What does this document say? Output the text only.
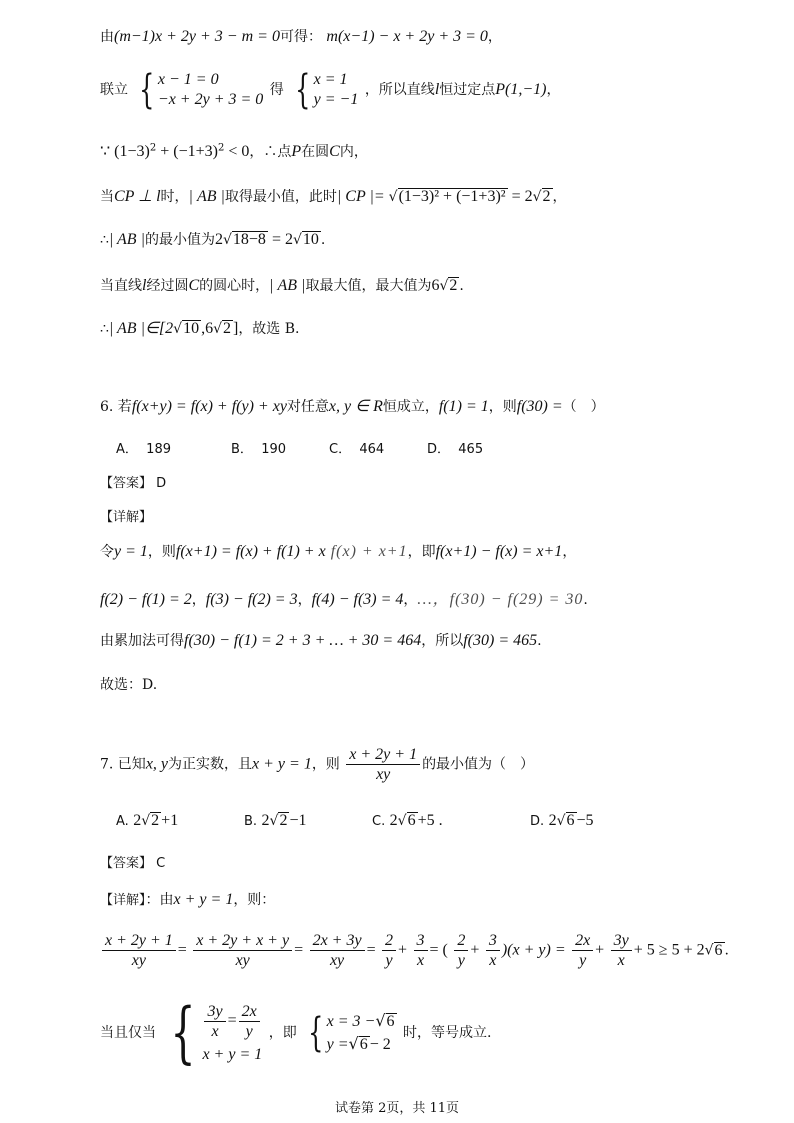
由(m−1)x + 2y + 3 − m = 0可得： m(x−1) − x + 2y + 3 = 0，
联立 { x − 1 = 0
−x + 2y + 3 = 0
得 { x = 1
y = −1
，所以直线l恒过定点P(1,−1)，
∵ $(1-3)^2 + (-1+3)^2 < 0$，∴点P在圆C内，
当CP ⊥ l时，| AB |取得最小值，此时| CP |= √(1−3)² + (−1+3)² = 2√2 ，
∴| AB |的最小值为2√18−8 = 2√10 .
当直线l经过圆C的圆心时，| AB |取最大值，最大值为6√2 .
∴| AB |∈[2√10 ,6√2 ]，故选 B.
6. 若f(x+y) = f(x) + f(y) + xy对任意x, y ∈ R恒成立，f(1) = 1，则f(30) =（　）
A． 189	B． 190	C． 464	D． 465
【答案】 D
【详解】
令y = 1，则f(x+1) = f(x) + f(1) + x f(x) + x+1，即f(x+1) − f(x) = x+1，
f(2) − f(1) = 2，f(3) − f(2) = 3，f(4) − f(3) = 4，…，f(30) − f(29) = 30.
由累加法可得f(30) − f(1) = 2 + 3 + … + 30 = 464，所以f(30) = 465.
故选：D.
7. 已知x, y为正实数，且x + y = 1，则 $\frac{x + 2y + 1}{xy}$ 的最小值为（　）
A. 2√2 +1	B. 2√2 −1	C. 2√6 +5 .	D. 2√6 −5
【答案】 C
【详解】：由x + y = 1，则：
$\frac{x + 2y + 1}{xy} = \frac{x + 2y + x + y}{xy} = \frac{2x + 3y}{xy} = \frac{2}{y} + \frac{3}{x}$ = ( $\frac{2}{y} + \frac{3}{x} )(x + y) = \frac{2x}{y} + \frac{3y}{x} + 5 \ge 5 + 2√6$ .
当且仅当 { $\frac{3y}{x} = \frac{2x}{y}$
x + y = 1
，即 { x = 3 −√6
y =√6 − 2
时，等号成立.
试卷第 2页，共 11页
